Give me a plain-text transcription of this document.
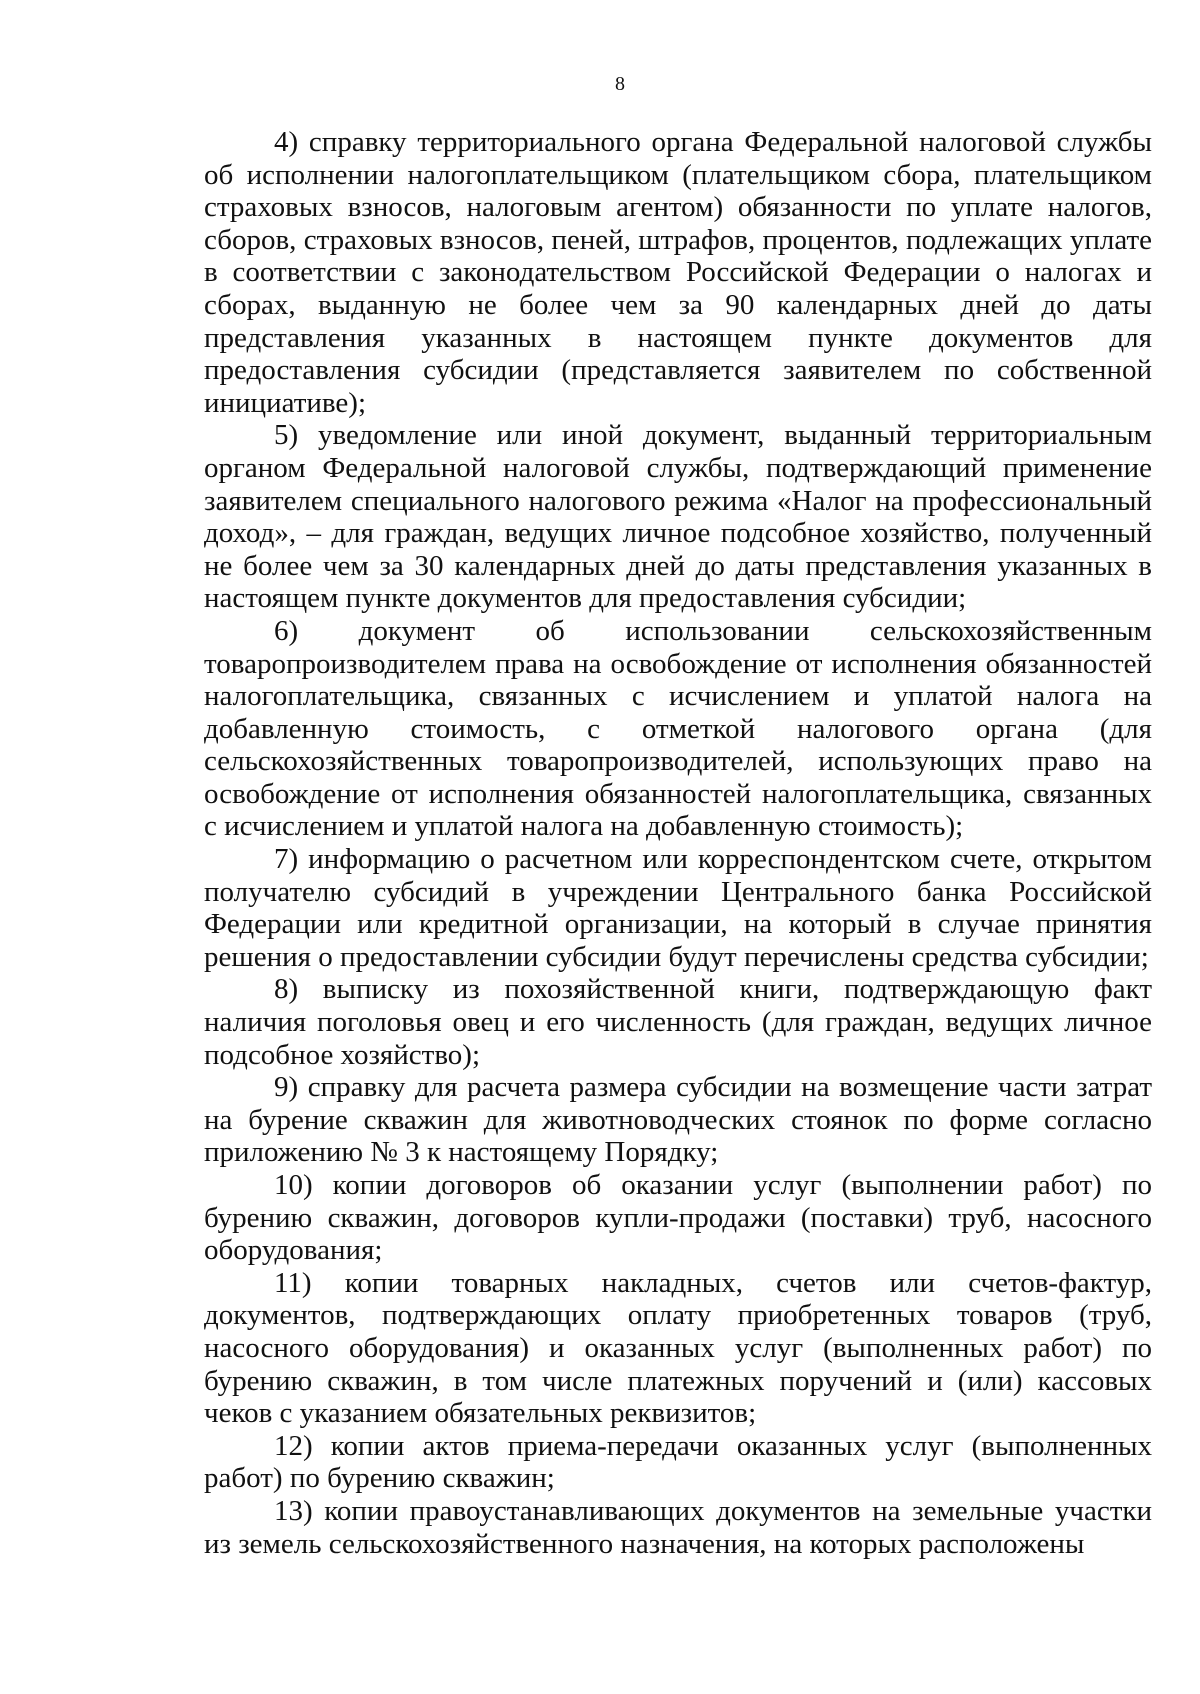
8

4) справку территориального органа Федеральной налоговой службы об исполнении налогоплательщиком (плательщиком сбора, плательщиком страховых взносов, налоговым агентом) обязанности по уплате налогов, сборов, страховых взносов, пеней, штрафов, процентов, подлежащих уплате в соответствии с законодательством Российской Федерации о налогах и сборах, выданную не более чем за 90 календарных дней до даты представления указанных в настоящем пункте документов для предоставления субсидии (представляется заявителем по собственной инициативе);

5) уведомление или иной документ, выданный территориальным органом Федеральной налоговой службы, подтверждающий применение заявителем специального налогового режима «Налог на профессиональный доход», – для граждан, ведущих личное подсобное хозяйство, полученный не более чем за 30 календарных дней до даты представления указанных в настоящем пункте документов для предоставления субсидии;

6) документ об использовании сельскохозяйственным товаропроизводителем права на освобождение от исполнения обязанностей налогоплательщика, связанных с исчислением и уплатой налога на добавленную стоимость, с отметкой налогового органа (для сельскохозяйственных товаропроизводителей, использующих право на освобождение от исполнения обязанностей налогоплательщика, связанных с исчислением и уплатой налога на добавленную стоимость);

7) информацию о расчетном или корреспондентском счете, открытом получателю субсидий в учреждении Центрального банка Российской Федерации или кредитной организации, на который в случае принятия решения о предоставлении субсидии будут перечислены средства субсидии;

8) выписку из похозяйственной книги, подтверждающую факт наличия поголовья овец и его численность (для граждан, ведущих личное подсобное хозяйство);

9) справку для расчета размера субсидии на возмещение части затрат на бурение скважин для животноводческих стоянок по форме согласно приложению № 3 к настоящему Порядку;

10) копии договоров об оказании услуг (выполнении работ) по бурению скважин, договоров купли-продажи (поставки) труб, насосного оборудования;

11) копии товарных накладных, счетов или счетов-фактур, документов, подтверждающих оплату приобретенных товаров (труб, насосного оборудования) и оказанных услуг (выполненных работ) по бурению скважин, в том числе платежных поручений и (или) кассовых чеков с указанием обязательных реквизитов;

12) копии актов приема-передачи оказанных услуг (выполненных работ) по бурению скважин;

13) копии правоустанавливающих документов на земельные участки из земель сельскохозяйственного назначения, на которых расположены
